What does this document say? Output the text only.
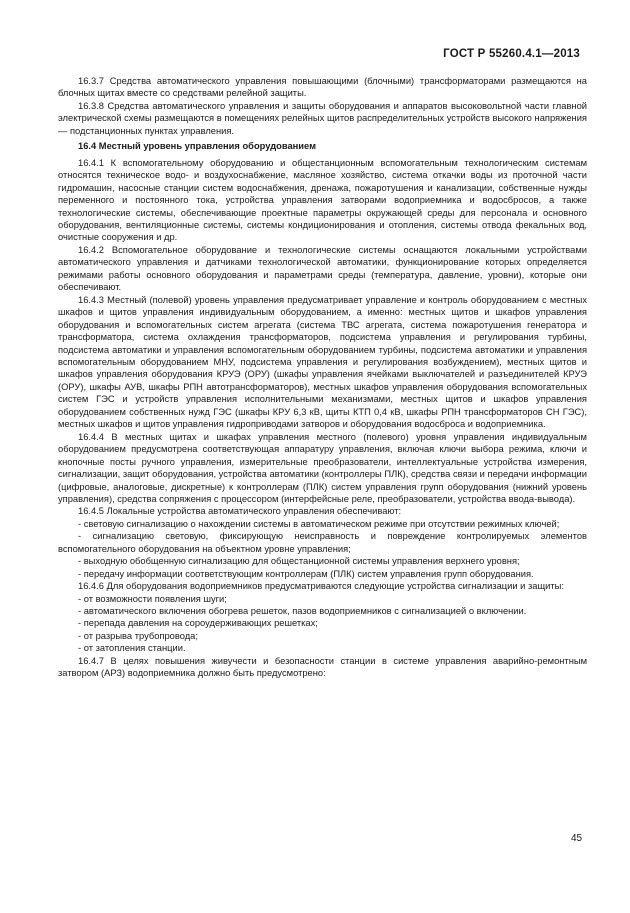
ГОСТ Р 55260.4.1—2013

16.3.7 Средства автоматического управления повышающими (блочными) трансформаторами размещаются на блочных щитах вместе со средствами релейной защиты.

16.3.8 Средства автоматического управления и защиты оборудования и аппаратов высоковольтной части главной электрической схемы размещаются в помещениях релейных щитов распределительных устройств высокого напряжения — подстанционных пунктах управления.

16.4 Местный уровень управления оборудованием

16.4.1 К вспомогательному оборудованию и общестанционным вспомогательным технологическим системам относятся техническое водо- и воздухоснабжение, масляное хозяйство, система откачки воды из проточной части гидромашин, насосные станции систем водоснабжения, дренажа, пожаротушения и канализации, собственные нужды переменного и постоянного тока, устройства управления затворами водоприемника и водосбросов, а также технологические системы, обеспечивающие проектные параметры окружающей среды для персонала и основного оборудования, вентиляционные системы, системы кондиционирования и отопления, системы отвода фекальных вод, очистные сооружения и др.

16.4.2 Вспомогательное оборудование и технологические системы оснащаются локальными устройствами автоматического управления и датчиками технологической автоматики, функционирование которых определяется режимами работы основного оборудования и параметрами среды (температура, давление, уровни), которые они обеспечивают.

16.4.3 Местный (полевой) уровень управления предусматривает управление и контроль оборудованием с местных шкафов и щитов управления индивидуальным оборудованием, а именно: местных щитов и шкафов управления оборудования и вспомогательных систем агрегата (система ТВС агрегата, система пожаротушения генератора и трансформатора, система охлаждения трансформаторов, подсистема управления и регулирования турбины, подсистема автоматики и управления вспомогательным оборудованием турбины, подсистема автоматики и управления вспомогательным оборудованием МНУ, подсистема управления и регулирования возбуждением), местных щитов и шкафов управления оборудования КРУЭ (ОРУ) (шкафы управления ячейками выключателей и разъединителей КРУЭ (ОРУ), шкафы АУВ, шкафы РПН автотрансформаторов), местных шкафов управления оборудования вспомогательных систем ГЭС и устройств управления исполнительными механизмами, местных щитов и шкафов управления оборудованием собственных нужд ГЭС (шкафы КРУ 6,3 кВ, щиты КТП 0,4 кВ, шкафы РПН трансформаторов СН ГЭС), местных шкафов и щитов управления гидроприводами затворов и оборудования водосброса и водоприемника.

16.4.4 В местных щитах и шкафах управления местного (полевого) уровня управления индивидуальным оборудованием предусмотрена соответствующая аппаратуру управления, включая ключи выбора режима, ключи и кнопочные посты ручного управления, измерительные преобразователи, интеллектуальные устройства измерения, сигнализации, защит оборудования, устройства автоматики (контроллеры ПЛК), средства связи и передачи информации (цифровые, аналоговые, дискретные) к контроллерам (ПЛК) систем управления групп оборудования (нижний уровень управления), средства сопряжения с процессором (интерфейсные реле, преобразователи, устройства ввода-вывода).

16.4.5 Локальные устройства автоматического управления обеспечивают:

- световую сигнализацию о нахождении системы в автоматическом режиме при отсутствии режимных ключей;

- сигнализацию световую, фиксирующую неисправность и повреждение контролируемых элементов вспомогательного оборудования на объектном уровне управления;

- выходную обобщенную сигнализацию для общестанционной системы управления верхнего уровня;

- передачу информации соответствующим контроллерам (ПЛК) систем управления групп оборудования.

16.4.6 Для оборудования водоприемников предусматриваются следующие устройства сигнализации и защиты:

- от возможности появления шуги;

- автоматического включения обогрева решеток, пазов водоприемников с сигнализацией о включении.

- перепада давления на сороудерживающих решетках;

- от разрыва трубопровода;

- от затопления станции.

16.4.7 В целях повышения живучести и безопасности станции в системе управления аварийно-ремонтным затвором (АРЗ) водоприемника должно быть предусмотрено:

45
